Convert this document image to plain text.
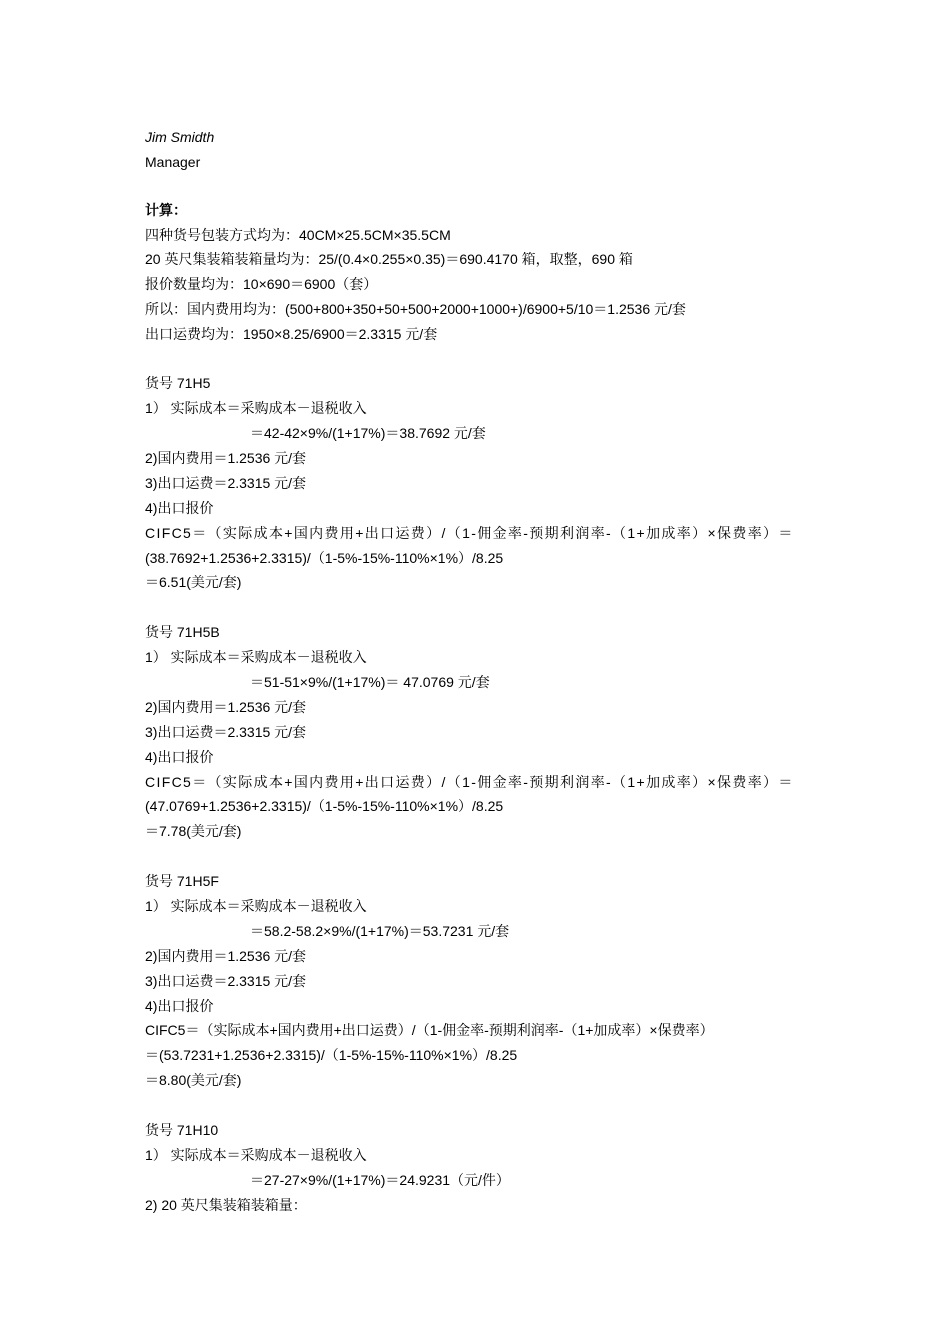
Jim Smidth
Manager
计算：
四种货号包装方式均为：40CM×25.5CM×35.5CM
20 英尺集装箱装箱量均为：25/(0.4×0.255×0.35)＝690.4170 箱，取整，690 箱
报价数量均为：10×690＝6900（套）
所以：国内费用均为：(500+800+350+50+500+2000+1000+)/6900+5/10＝1.2536 元/套
出口运费均为：1950×8.25/6900＝2.3315 元/套
货号 71H5
1） 实际成本＝采购成本－退税收入
＝42-42×9%/(1+17%)＝38.7692 元/套
2)国内费用＝1.2536 元/套
3)出口运费＝2.3315 元/套
4)出口报价
CIFC5＝（实际成本+国内费用+出口运费）/（1-佣金率-预期利润率-（1+加成率）×保费率）＝
(38.7692+1.2536+2.3315)/（1-5%-15%-110%×1%）/8.25
＝6.51(美元/套)
货号 71H5B
1） 实际成本＝采购成本－退税收入
＝51-51×9%/(1+17%)＝ 47.0769 元/套
2)国内费用＝1.2536 元/套
3)出口运费＝2.3315 元/套
4)出口报价
CIFC5＝（实际成本+国内费用+出口运费）/（1-佣金率-预期利润率-（1+加成率）×保费率）＝
(47.0769+1.2536+2.3315)/（1-5%-15%-110%×1%）/8.25
＝7.78(美元/套)
货号 71H5F
1） 实际成本＝采购成本－退税收入
＝58.2-58.2×9%/(1+17%)＝53.7231 元/套
2)国内费用＝1.2536 元/套
3)出口运费＝2.3315 元/套
4)出口报价
CIFC5＝（实际成本+国内费用+出口运费）/（1-佣金率-预期利润率-（1+加成率）×保费率）
＝(53.7231+1.2536+2.3315)/（1-5%-15%-110%×1%）/8.25
＝8.80(美元/套)
货号 71H10
1） 实际成本＝采购成本－退税收入
＝27-27×9%/(1+17%)＝24.9231（元/件）
2) 20 英尺集装箱装箱量：
